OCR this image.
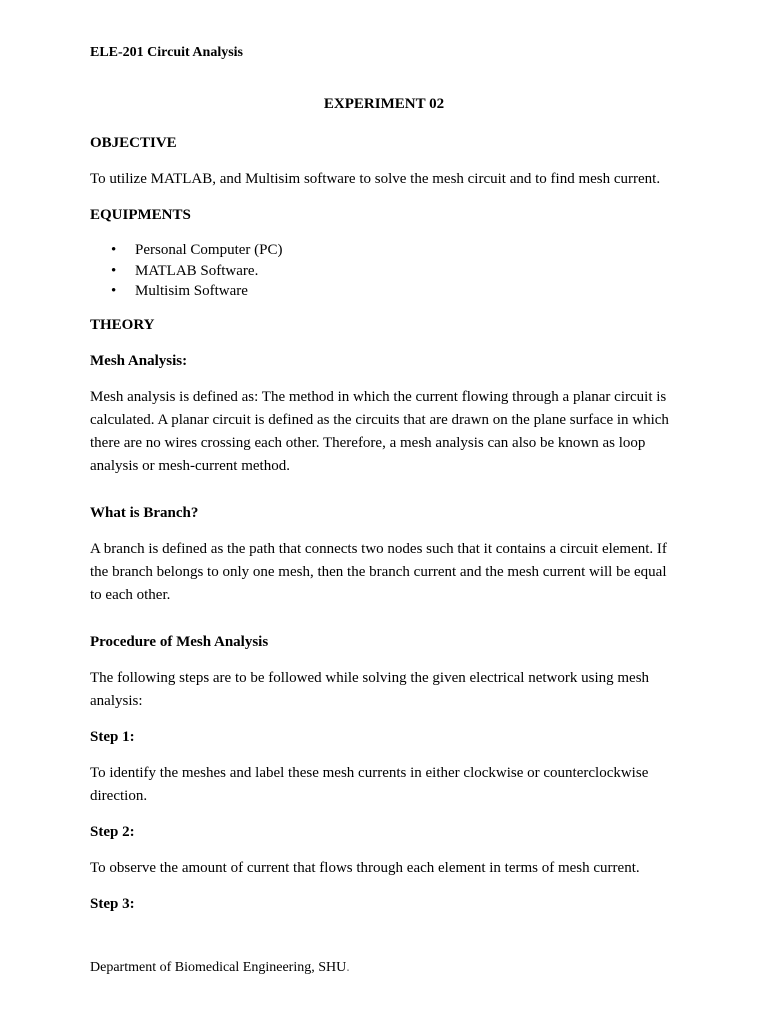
ELE-201 Circuit Analysis
EXPERIMENT 02

OBJECTIVE

To utilize MATLAB, and Multisim software to solve the mesh circuit and to find mesh current.

EQUIPMENTS

• Personal Computer (PC)
• MATLAB Software.
• Multisim Software

THEORY

Mesh Analysis:

Mesh analysis is defined as: The method in which the current flowing through a planar circuit is calculated. A planar circuit is defined as the circuits that are drawn on the plane surface in which there are no wires crossing each other. Therefore, a mesh analysis can also be known as loop analysis or mesh-current method.

What is Branch?

A branch is defined as the path that connects two nodes such that it contains a circuit element. If the branch belongs to only one mesh, then the branch current and the mesh current will be equal to each other.

Procedure of Mesh Analysis

The following steps are to be followed while solving the given electrical network using mesh analysis:

Step 1:

To identify the meshes and label these mesh currents in either clockwise or counterclockwise direction.

Step 2:

To observe the amount of current that flows through each element in terms of mesh current.

Step 3:

Department of Biomedical Engineering, SHU.
